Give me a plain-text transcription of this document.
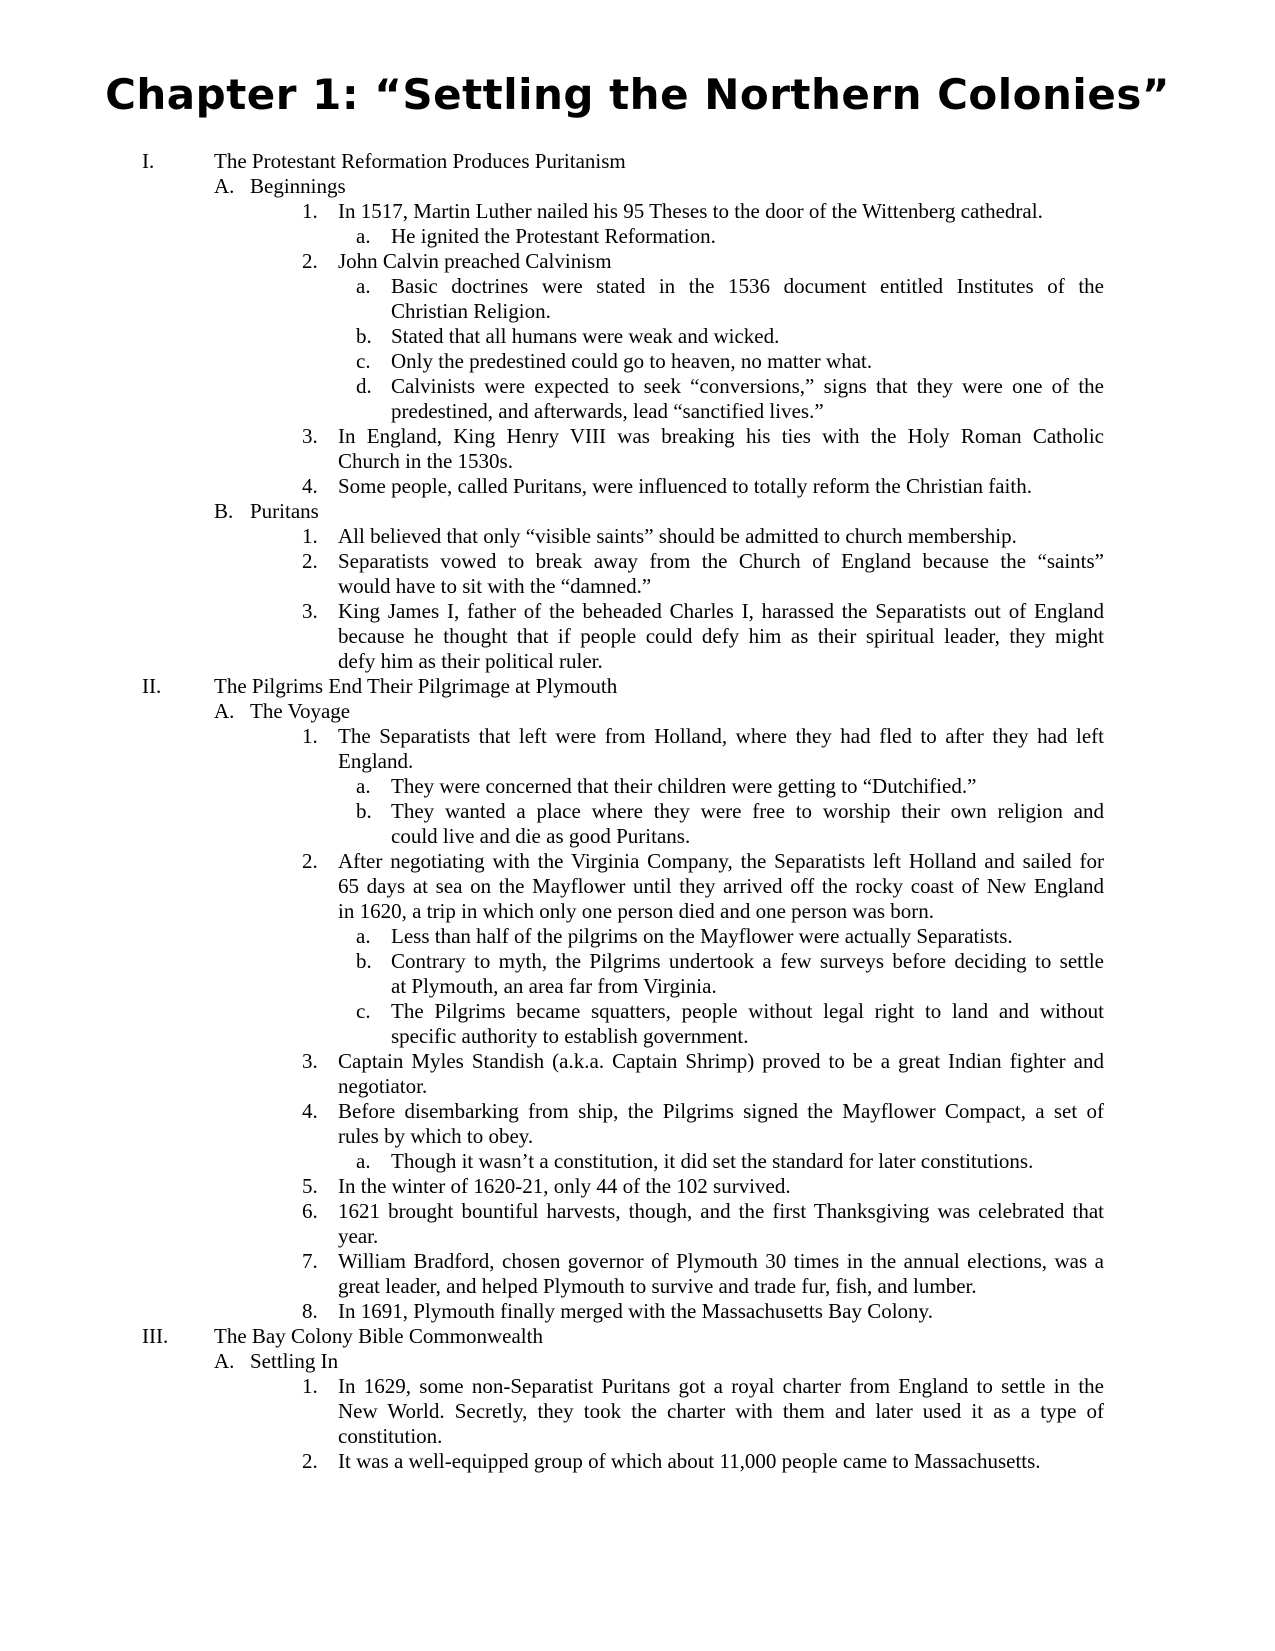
Chapter 1: “Settling the Northern Colonies”
I.	The Protestant Reformation Produces Puritanism
A. Beginnings
1. In 1517, Martin Luther nailed his 95 Theses to the door of the Wittenberg cathedral.
a. He ignited the Protestant Reformation.
2. John Calvin preached Calvinism
a. Basic doctrines were stated in the 1536 document entitled Institutes of the
Christian Religion.
b. Stated that all humans were weak and wicked.
c. Only the predestined could go to heaven, no matter what.
d. Calvinists were expected to seek “conversions,” signs that they were one of the
predestined, and afterwards, lead “sanctified lives.”
3. In England, King Henry VIII was breaking his ties with the Holy Roman Catholic
Church in the 1530s.
4. Some people, called Puritans, were influenced to totally reform the Christian faith.
B. Puritans
1. All believed that only “visible saints” should be admitted to church membership.
2. Separatists vowed to break away from the Church of England because the “saints”
would have to sit with the “damned.”
3. King James I, father of the beheaded Charles I, harassed the Separatists out of England
because he thought that if people could defy him as their spiritual leader, they might
defy him as their political ruler.
II.	The Pilgrims End Their Pilgrimage at Plymouth
A. The Voyage
1. The Separatists that left were from Holland, where they had fled to after they had left
England.
a. They were concerned that their children were getting to “Dutchified.”
b. They wanted a place where they were free to worship their own religion and
could live and die as good Puritans.
2. After negotiating with the Virginia Company, the Separatists left Holland and sailed for
65 days at sea on the Mayflower until they arrived off the rocky coast of New England
in 1620, a trip in which only one person died and one person was born.
a. Less than half of the pilgrims on the Mayflower were actually Separatists.
b. Contrary to myth, the Pilgrims undertook a few surveys before deciding to settle
at Plymouth, an area far from Virginia.
c. The Pilgrims became squatters, people without legal right to land and without
specific authority to establish government.
3. Captain Myles Standish (a.k.a. Captain Shrimp) proved to be a great Indian fighter and
negotiator.
4. Before disembarking from ship, the Pilgrims signed the Mayflower Compact, a set of
rules by which to obey.
a. Though it wasn’t a constitution, it did set the standard for later constitutions.
5. In the winter of 1620-21, only 44 of the 102 survived.
6. 1621 brought bountiful harvests, though, and the first Thanksgiving was celebrated that
year.
7. William Bradford, chosen governor of Plymouth 30 times in the annual elections, was a
great leader, and helped Plymouth to survive and trade fur, fish, and lumber.
8. In 1691, Plymouth finally merged with the Massachusetts Bay Colony.
III. The Bay Colony Bible Commonwealth
A. Settling In
1. In 1629, some non-Separatist Puritans got a royal charter from England to settle in the
New World. Secretly, they took the charter with them and later used it as a type of
constitution.
2. It was a well-equipped group of which about 11,000 people came to Massachusetts.
